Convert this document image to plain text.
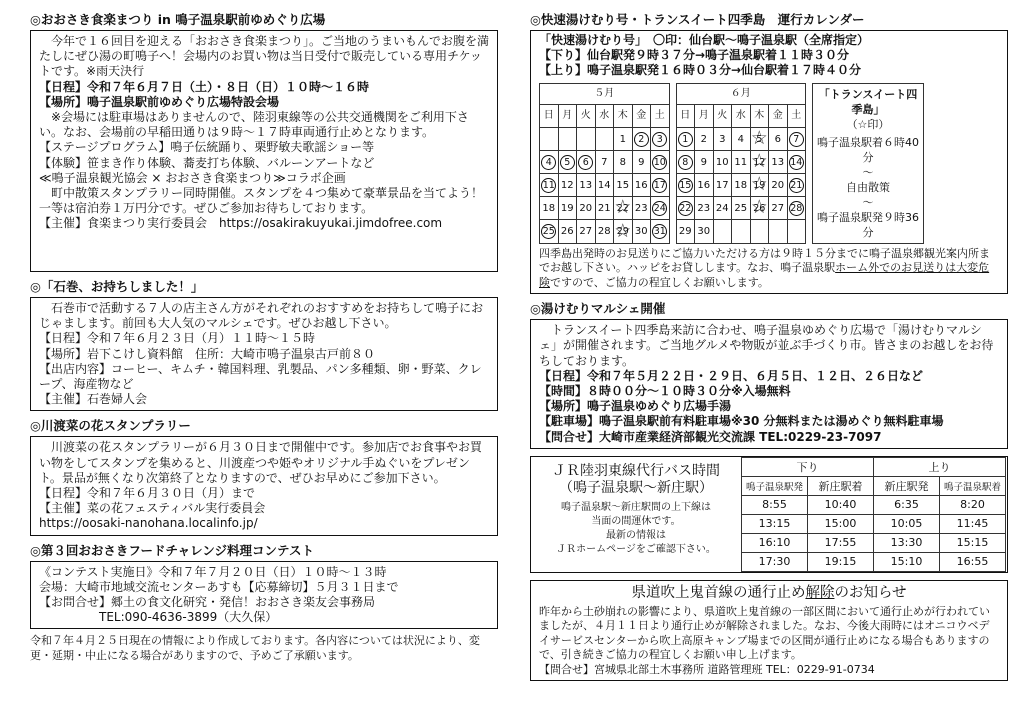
◎おおさき食楽まつり in 鳴子温泉駅前ゆめぐり広場

今年で１６回目を迎える「おおさき食楽まつり」。ご当地のうまいもんでお腹を満たしにぜひ湯の町鳴子へ！会場内のお買い物は当日受付で販売している専用チケットです。※雨天決行

【日程】令和７年６月７日（土）・８日（日）１０時〜１６時

【場所】鳴子温泉駅前ゆめぐり広場特設会場

※会場には駐車場はありませんので、陸羽東線等の公共交通機関をご利用下さい。なお、会場前の早稲田通りは９時〜１７時車両通行止めとなります。

【ステージプログラム】鳴子伝統踊り、栗野敏夫歌謡ショー等

【体験】笹まき作り体験、蕎麦打ち体験、バルーンアートなど

≪鳴子温泉観光協会 × おおさき食楽まつり≫コラボ企画

町中散策スタンプラリー同時開催。スタンプを４つ集めて豪華景品を当てよう！一等は宿泊券１万円分です。ぜひご参加お待ちしております。

【主催】食楽まつり実行委員会　https://osakirakuyukai.jimdofree.com

◎「石巻、お持ちしました！」

石巻市で活動する７人の店主さん方がそれぞれのおすすめをお持ちして鳴子におじゃまします。前回も大人気のマルシェです。ぜひお越し下さい。

【日程】令和７年６月２３日（月）１１時〜１５時

【場所】岩下こけし資料館　住所：大崎市鳴子温泉古戸前８０

【出店内容】コーヒー、キムチ・韓国料理、乳製品、パン多種類、卵・野菜、クレープ、海産物など

【主催】石巻婦人会

◎川渡菜の花スタンプラリー

川渡菜の花スタンプラリーが６月３０日まで開催中です。参加店でお食事やお買い物をしてスタンプを集めると、川渡産つや姫やオリジナル手ぬぐいをプレゼント。景品が無くなり次第終了となりますので、ぜひお早めにご参加下さい。

【日程】令和７年６月３０日（月）まで

【主催】菜の花フェスティバル実行委員会

https://oosaki-nanohana.localinfo.jp/

◎第３回おおさきフードチャレンジ料理コンテスト

《コンテスト実施日》令和７年７月２０日（日）１０時〜１３時

会場：大崎市地域交流センターあすも【応募締切】５月３１日まで

【お問合せ】郷土の食文化研究・発信！おおさき楽友会事務局

TEL:090-4636-3899（大久保）

令和７年４月２５日現在の情報により作成しております。各内容については状況により、変更・延期・中止になる場合がありますので、予めご了承願います。
◎快速湯けむり号・トランスイート四季島　運行カレンダー

「快速湯けむり号」　〇印：仙台駅〜鳴子温泉駅（全席指定）

【下り】仙台駅発９時３７分→鳴子温泉駅着１１時３０分

【上り】鳴子温泉駅発１６時０３分→仙台駅着１７時４０分

５月						
日	月	火	水	木	金	土
				1	2	3
4	5	6	7	8	9	10
11	12	13	14	15	16	17
18	19	20	21	☆ 22	23	24
25	26	27	28	☆ 29	30	31
６月						
日	月	火	水	木	金	土
1	2	3	4	☆ 5	6	7
8	9	10	11	☆ 12	13	14
15	16	17	18	☆ 19	20	21
22	23	24	25	☆ 26	27	28
29	30					
「トランスイート四季島」
（☆印）
鳴子温泉駅着６時40分
〜
自由散策
〜
鳴子温泉駅発９時36分

四季島出発時のお見送りにご協力いただける方は９時１５分までに鳴子温泉郷観光案内所までお越し下さい。ハッピをお貸しします。なお、鳴子温泉駅ホーム外でのお見送りは大変危険ですので、ご協力の程宜しくお願いします。

◎湯けむりマルシェ開催

トランスイート四季島来訪に合わせ、鳴子温泉ゆめぐり広場で「湯けむりマルシェ」が開催されます。ご当地グルメや物販が並ぶ手づくり市。皆さまのお越しをお待ちしております。

【日程】令和７年５月２２日・２９日、６月５日、１２日、２６日など

【時間】８時００分〜１０時３０分※入場無料

【場所】鳴子温泉ゆめぐり広場手湯

【駐車場】鳴子温泉駅前有料駐車場※30 分無料または湯めぐり無料駐車場

【問合せ】大崎市産業経済部観光交流課 TEL:0229-23-7097

ＪＲ陸羽東線代行バス時間
（鳴子温泉駅〜新庄駅）
鳴子温泉駅〜新庄駅間の上下線は
当面の間運休です。
最新の情報は
ＪＲホームページをご確認下さい。
下り		上り	
鳴子温泉駅発	新庄駅着	新庄駅発	鳴子温泉駅着
8:55	10:40	6:35	8:20
13:15	15:00	10:05	11:45
16:10	17:55	13:30	15:15
17:30	19:15	15:10	16:55
県道吹上鬼首線の通行止め解除のお知らせ

昨年から土砂崩れの影響により、県道吹上鬼首線の一部区間において通行止めが行われていましたが、４月１１日より通行止めが解除されました。なお、今後大雨時にはオニコウベデイサービスセンターから吹上高原キャンプ場までの区間が通行止めになる場合もありますので、引き続きご協力の程宜しくお願い申し上げます。

【問合せ】宮城県北部土木事務所 道路管理班 TEL：0229-91-0734
